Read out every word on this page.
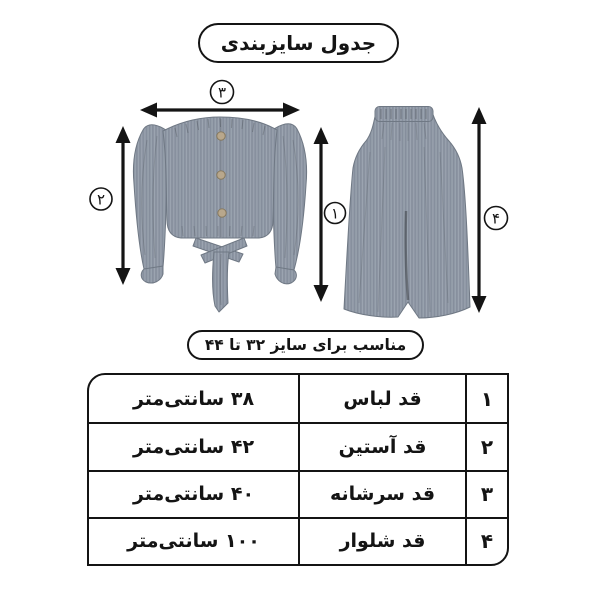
جدول سایزبندی
۳
۲
۱	۴
مناسب برای سایز ۳۲ تا ۴۴
۱
قد لباس
۳۸ سانتی‌متر
۲
قد آستین
۴۲ سانتی‌متر
۳
قد سرشانه
۴۰ سانتی‌متر
۴
قد شلوار
۱۰۰ سانتی‌متر
